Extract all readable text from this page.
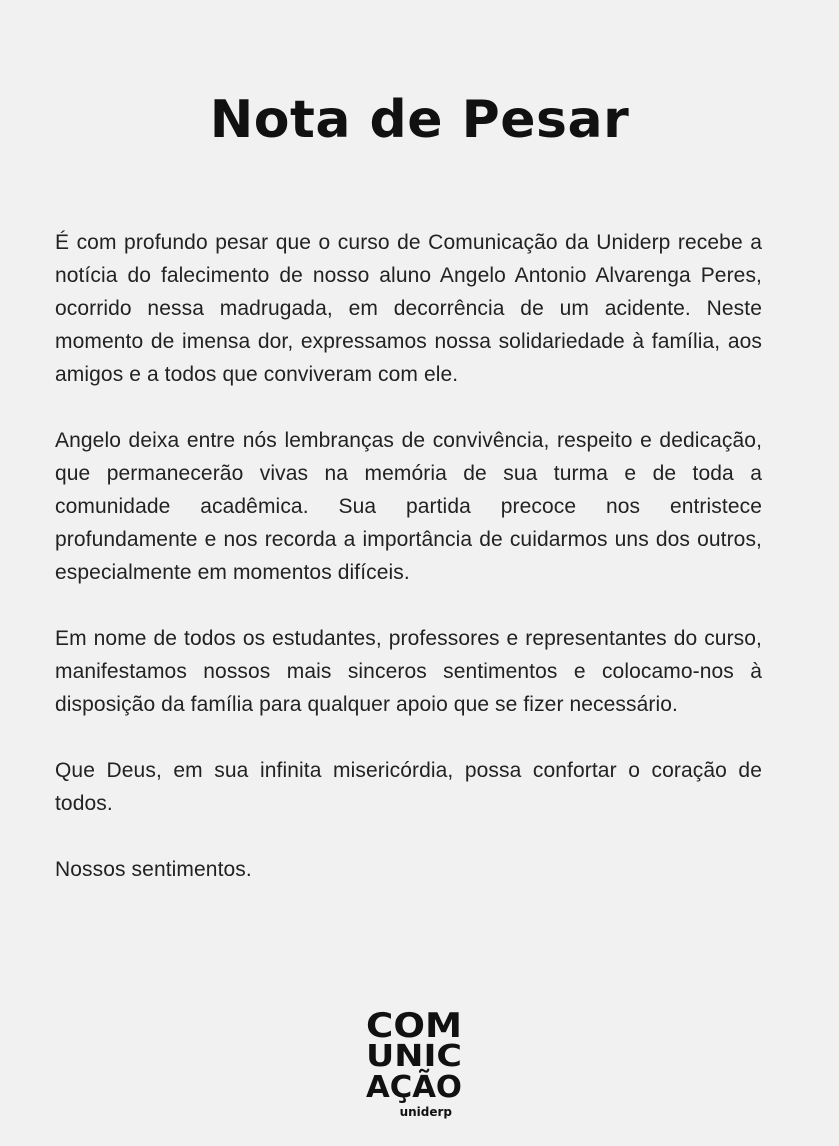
Nota de Pesar

É com profundo pesar que o curso de Comunicação da Uniderp recebe a notícia do falecimento de nosso aluno Angelo Antonio Alvarenga Peres, ocorrido nessa madrugada, em decorrência de um acidente. Neste momento de imensa dor, expressamos nossa solidariedade à família, aos amigos e a todos que conviveram com ele.

Angelo deixa entre nós lembranças de convivência, respeito e dedicação, que permanecerão vivas na memória de sua turma e de toda a comunidade acadêmica. Sua partida precoce nos entristece profundamente e nos recorda a importância de cuidarmos uns dos outros, especialmente em momentos difíceis.

Em nome de todos os estudantes, professores e representantes do curso, manifestamos nossos mais sinceros sentimentos e colocamo-nos à disposição da família para qualquer apoio que se fizer necessário.

Que Deus, em sua infinita misericórdia, possa confortar o coração de todos.

Nossos sentimentos.

COM
UNIC
AÇÃO
uniderp
